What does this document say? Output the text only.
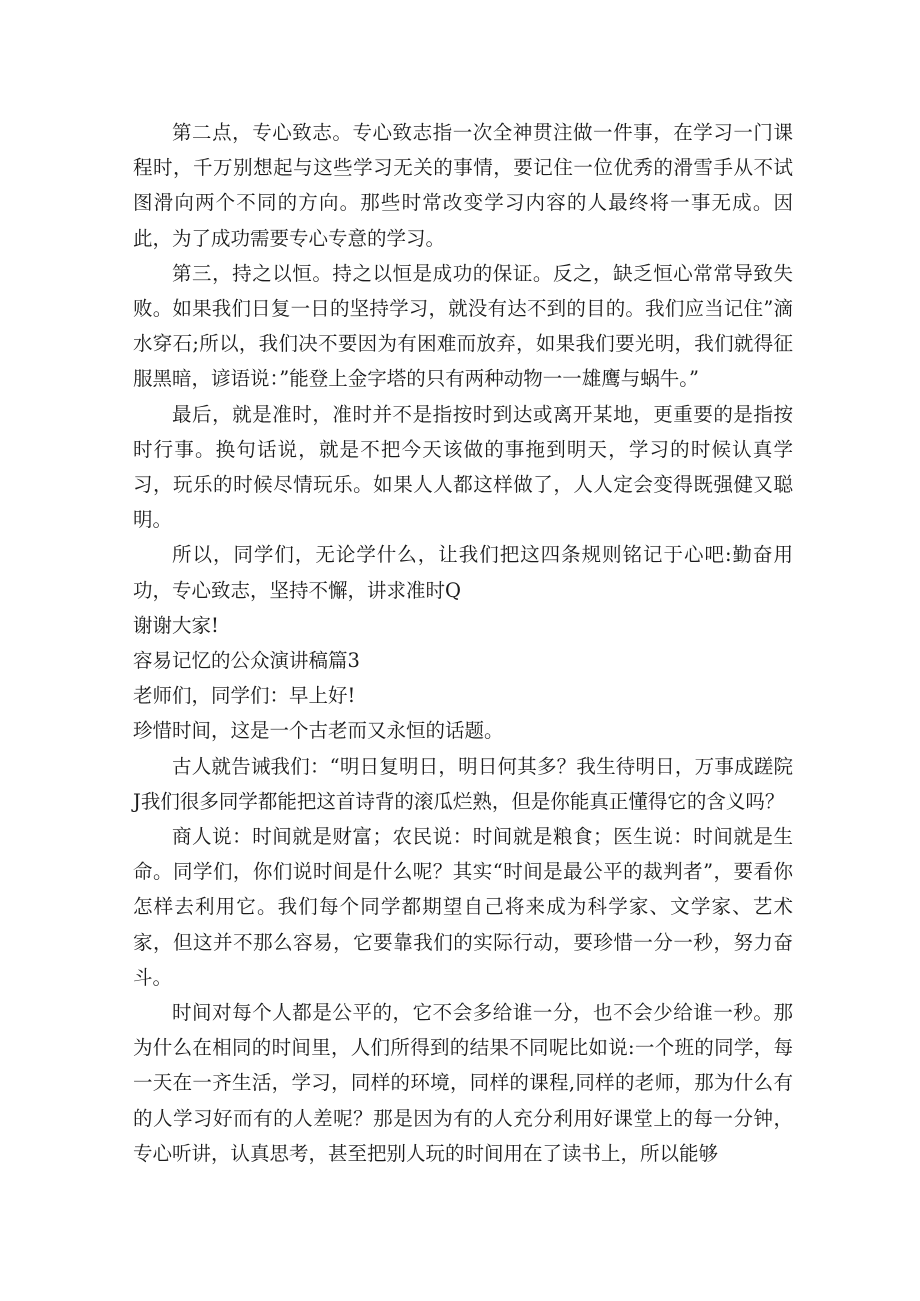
第二点，专心致志。专心致志指一次全神贯注做一件事，在学习一门课程时，千万别想起与这些学习无关的事情，要记住一位优秀的滑雪手从不试图滑向两个不同的方向。那些时常改变学习内容的人最终将一事无成。因此，为了成功需要专心专意的学习。

第三，持之以恒。持之以恒是成功的保证。反之，缺乏恒心常常导致失败。如果我们日复一日的坚持学习，就没有达不到的目的。我们应当记住”滴水穿石;所以，我们决不要因为有困难而放弃，如果我们要光明，我们就得征服黑暗，谚语说：”能登上金字塔的只有两种动物一一雄鹰与蜗牛。”

最后，就是准时，准时并不是指按时到达或离开某地，更重要的是指按时行事。换句话说，就是不把今天该做的事拖到明天，学习的时候认真学习，玩乐的时候尽情玩乐。如果人人都这样做了，人人定会变得既强健又聪明。

所以，同学们，无论学什么，让我们把这四条规则铭记于心吧:勤奋用功，专心致志，坚持不懈，讲求准时Q

谢谢大家!

容易记忆的公众演讲稿篇3

老师们，同学们：早上好!

珍惜时间，这是一个古老而又永恒的话题。

古人就告诫我们：“明日复明日，明日何其多？我生待明日，万事成蹉院J我们很多同学都能把这首诗背的滚瓜烂熟，但是你能真正懂得它的含义吗？

商人说：时间就是财富；农民说：时间就是粮食；医生说：时间就是生命。同学们，你们说时间是什么呢？其实“时间是最公平的裁判者”，要看你怎样去利用它。我们每个同学都期望自己将来成为科学家、文学家、艺术家，但这并不那么容易，它要靠我们的实际行动，要珍惜一分一秒，努力奋斗。

时间对每个人都是公平的，它不会多给谁一分，也不会少给谁一秒。那为什么在相同的时间里，人们所得到的结果不同呢比如说:一个班的同学，每一天在一齐生活，学习，同样的环境，同样的课程,同样的老师，那为什么有的人学习好而有的人差呢？那是因为有的人充分利用好课堂上的每一分钟，专心听讲，认真思考，甚至把别人玩的时间用在了读书上，所以能够
